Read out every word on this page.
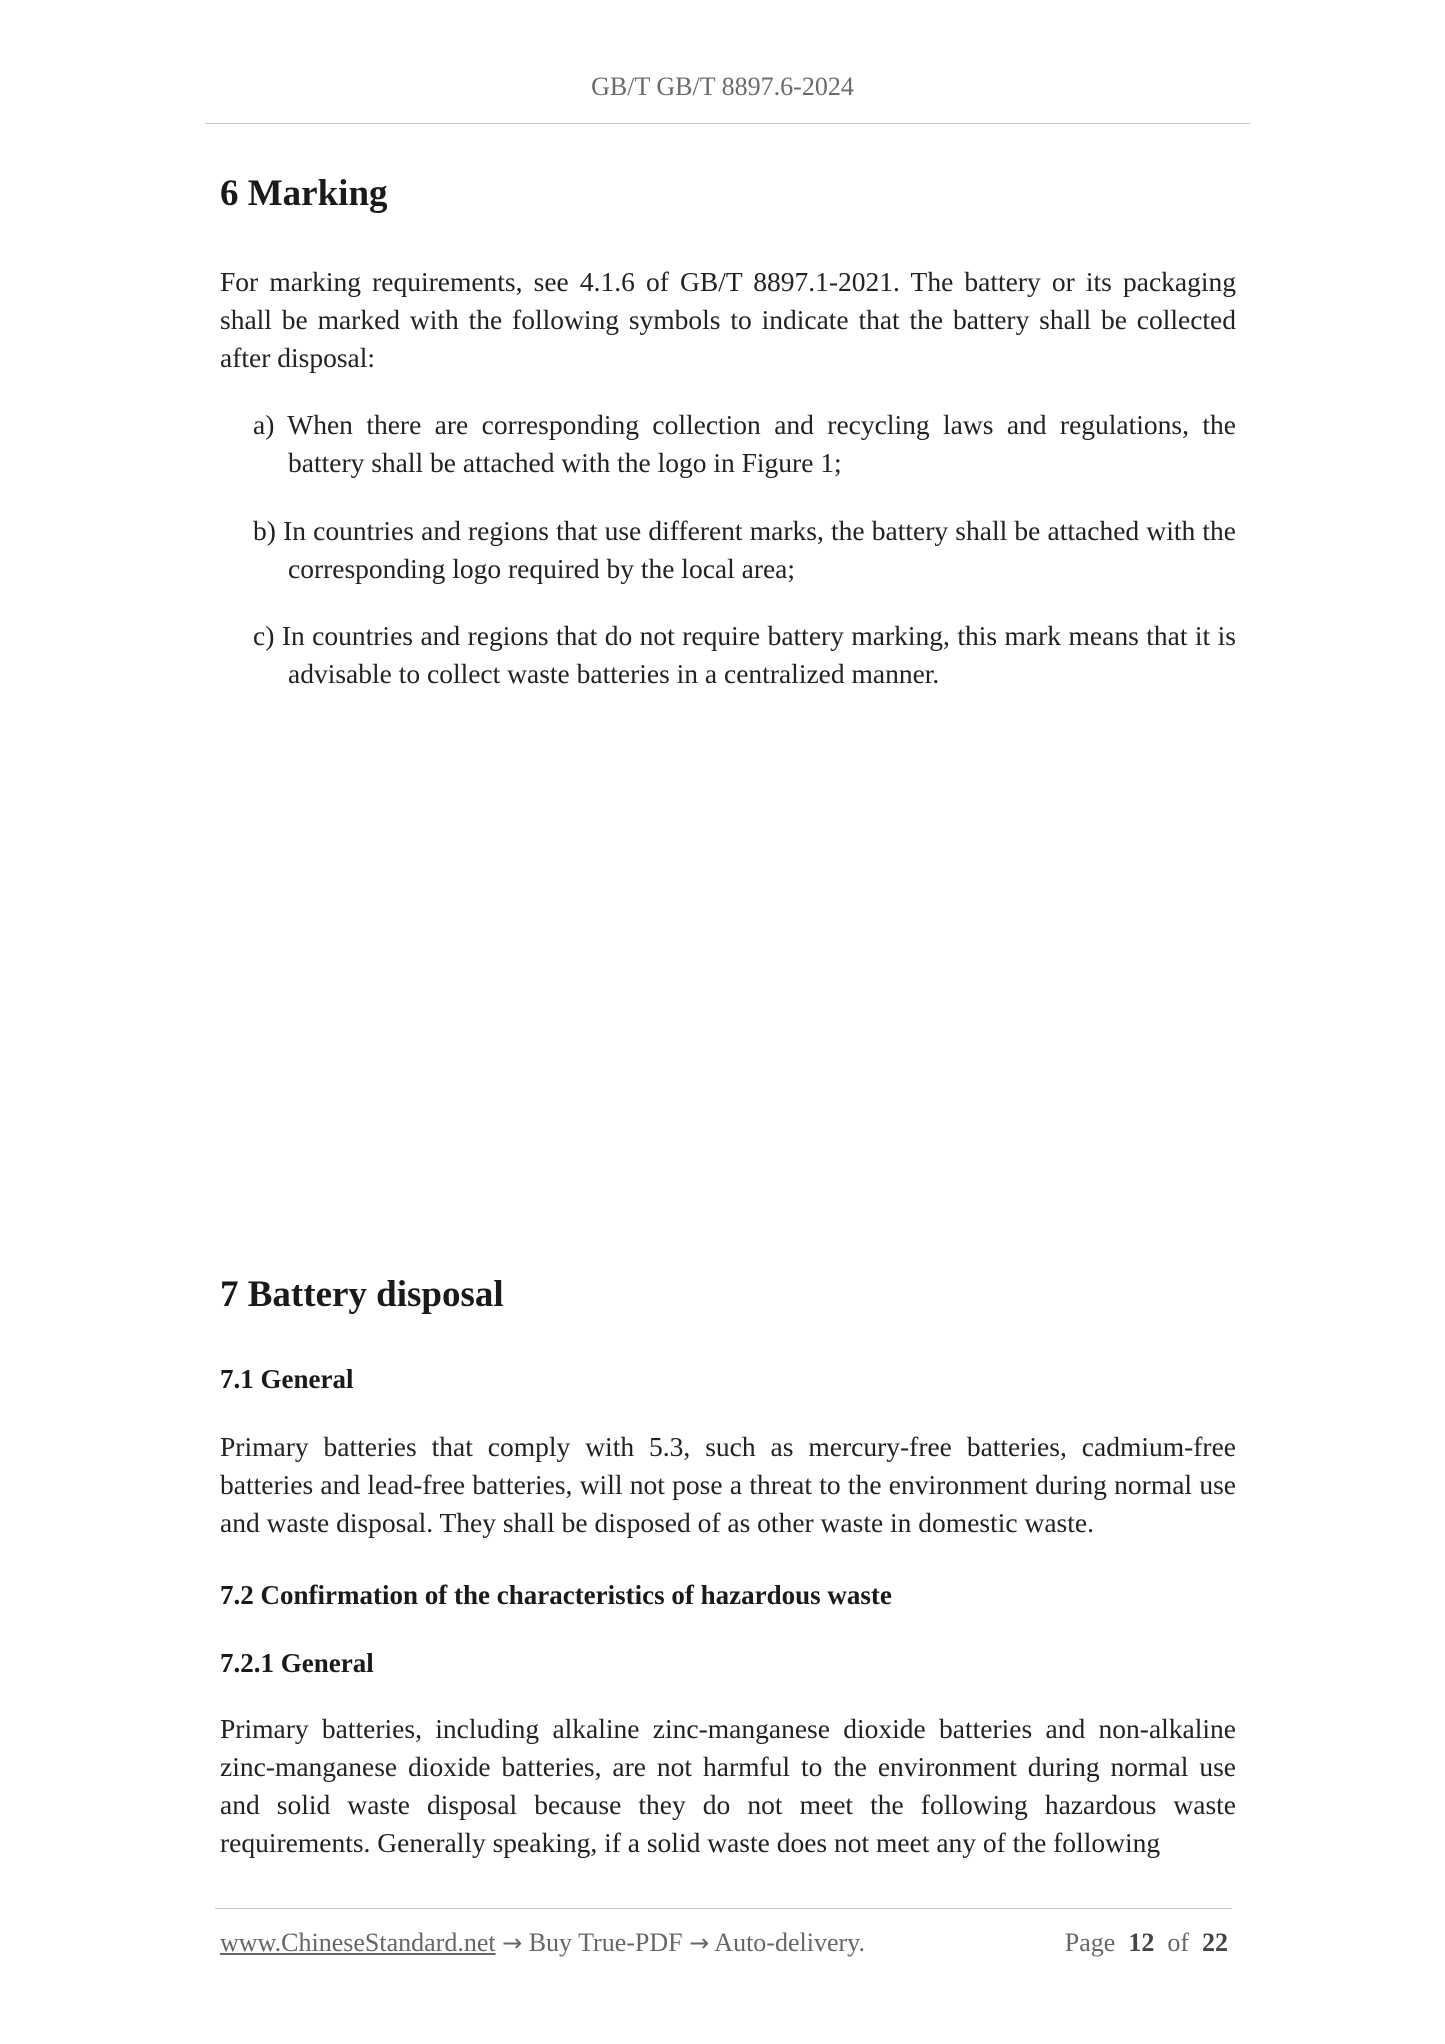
GB/T GB/T 8897.6-2024
6 Marking

For marking requirements, see 4.1.6 of GB/T 8897.1-2021. The battery or its packaging shall be marked with the following symbols to indicate that the battery shall be collected after disposal:

a) When there are corresponding collection and recycling laws and regulations, the battery shall be attached with the logo in Figure 1;

b) In countries and regions that use different marks, the battery shall be attached with the corresponding logo required by the local area;

c) In countries and regions that do not require battery marking, this mark means that it is advisable to collect waste batteries in a centralized manner.

7 Battery disposal
7.1 General

Primary batteries that comply with 5.3, such as mercury-free batteries, cadmium-free batteries and lead-free batteries, will not pose a threat to the environment during normal use and waste disposal. They shall be disposed of as other waste in domestic waste.

7.2 Confirmation of the characteristics of hazardous waste
7.2.1 General

Primary batteries, including alkaline zinc-manganese dioxide batteries and non-alkaline zinc-manganese dioxide batteries, are not harmful to the environment during normal use and solid waste disposal because they do not meet the following hazardous waste requirements. Generally speaking, if a solid waste does not meet any of the following

www.ChineseStandard.net → Buy True-PDF → Auto-delivery.	Page 12 of 22
